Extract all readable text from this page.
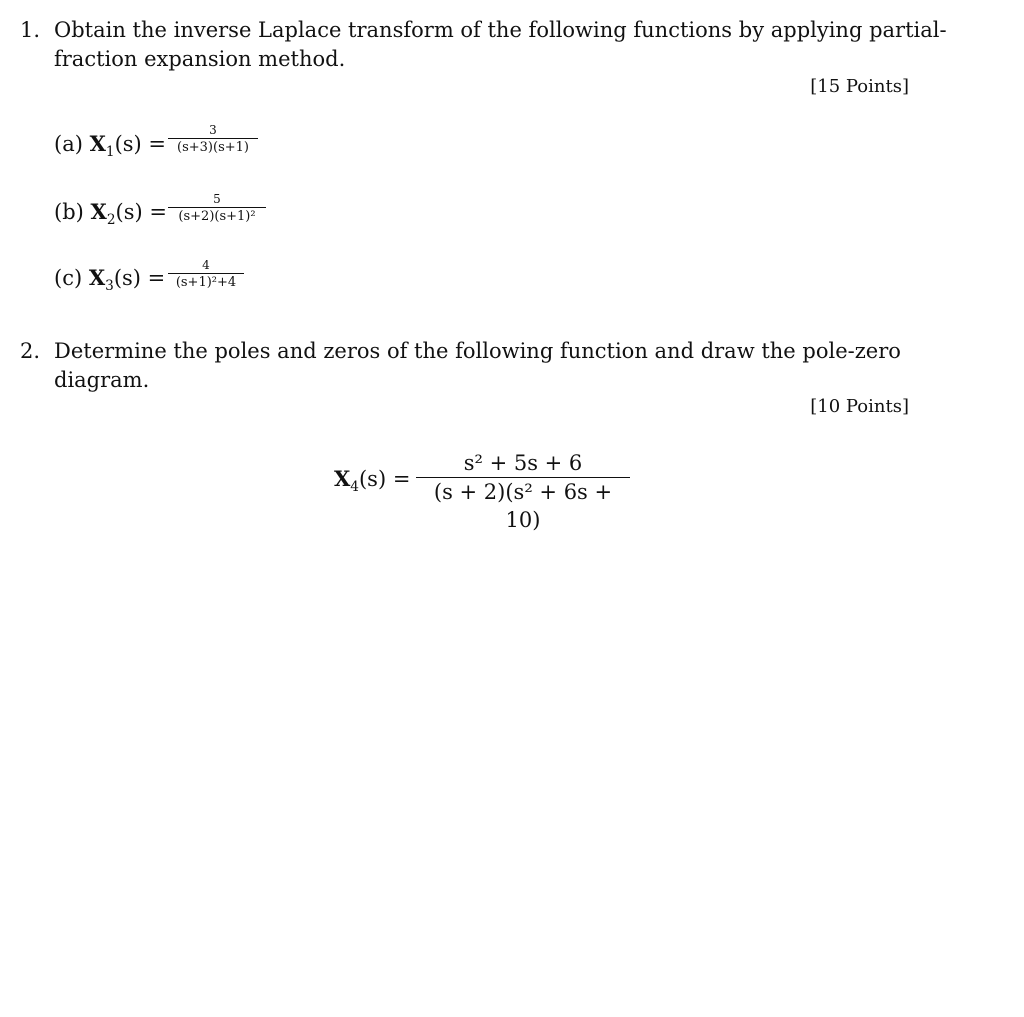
1. Obtain the inverse Laplace transform of the following functions by applying partial-
fraction expansion method.
[15 Points]
(a) $X_1(s)$ =
3
(s+3)(s+1)
(b) $X_2(s)$ =
5
(s+2)(s+1)²
(c) $X_3(s)$ =
4
(s+1)²+4
2. Determine the poles and zeros of the following function and draw the pole-zero
diagram.
[10 Points]
$X_4(s)$ =
s² + 5s + 6
(s + 2)(s² + 6s + 10)
